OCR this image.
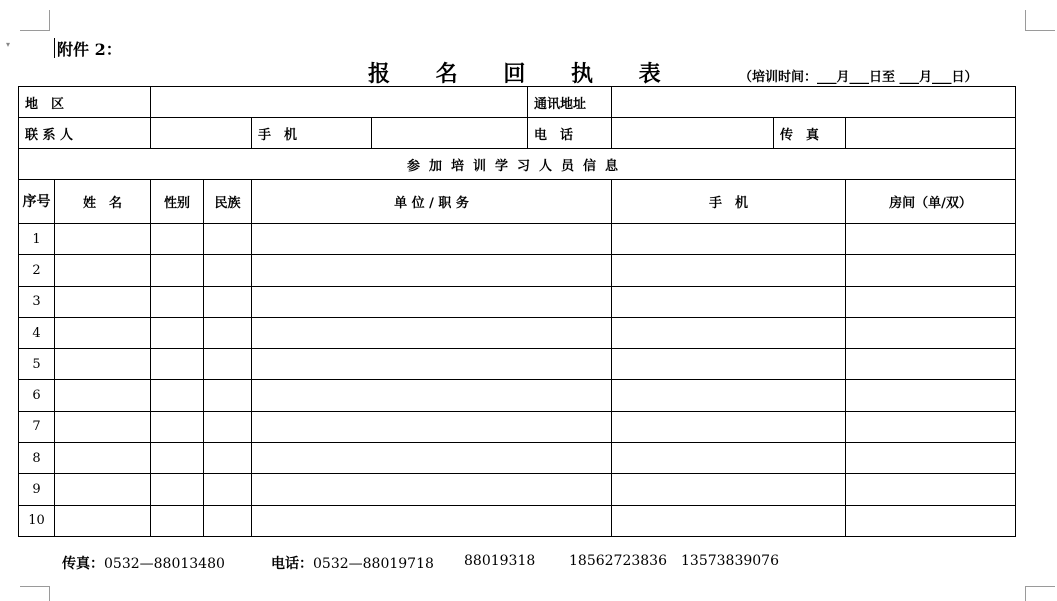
▾	附件 2：
报 名 回 执 表	（培训时间：___月___日至 ___月___日）
地　区						通讯地址				
联 系 人				手　机		电　话		传　真		
参加培训学习人员信息										
序号	姓　名	性别	民族	单 位 / 职 务			手　机		房间（单/双）	
1										
2										
3										
4										
5										
6										
7										
8										
9										
10										
传真：0532—88013480	电话：0532—88019718 88019318 18562723836 13573839076
